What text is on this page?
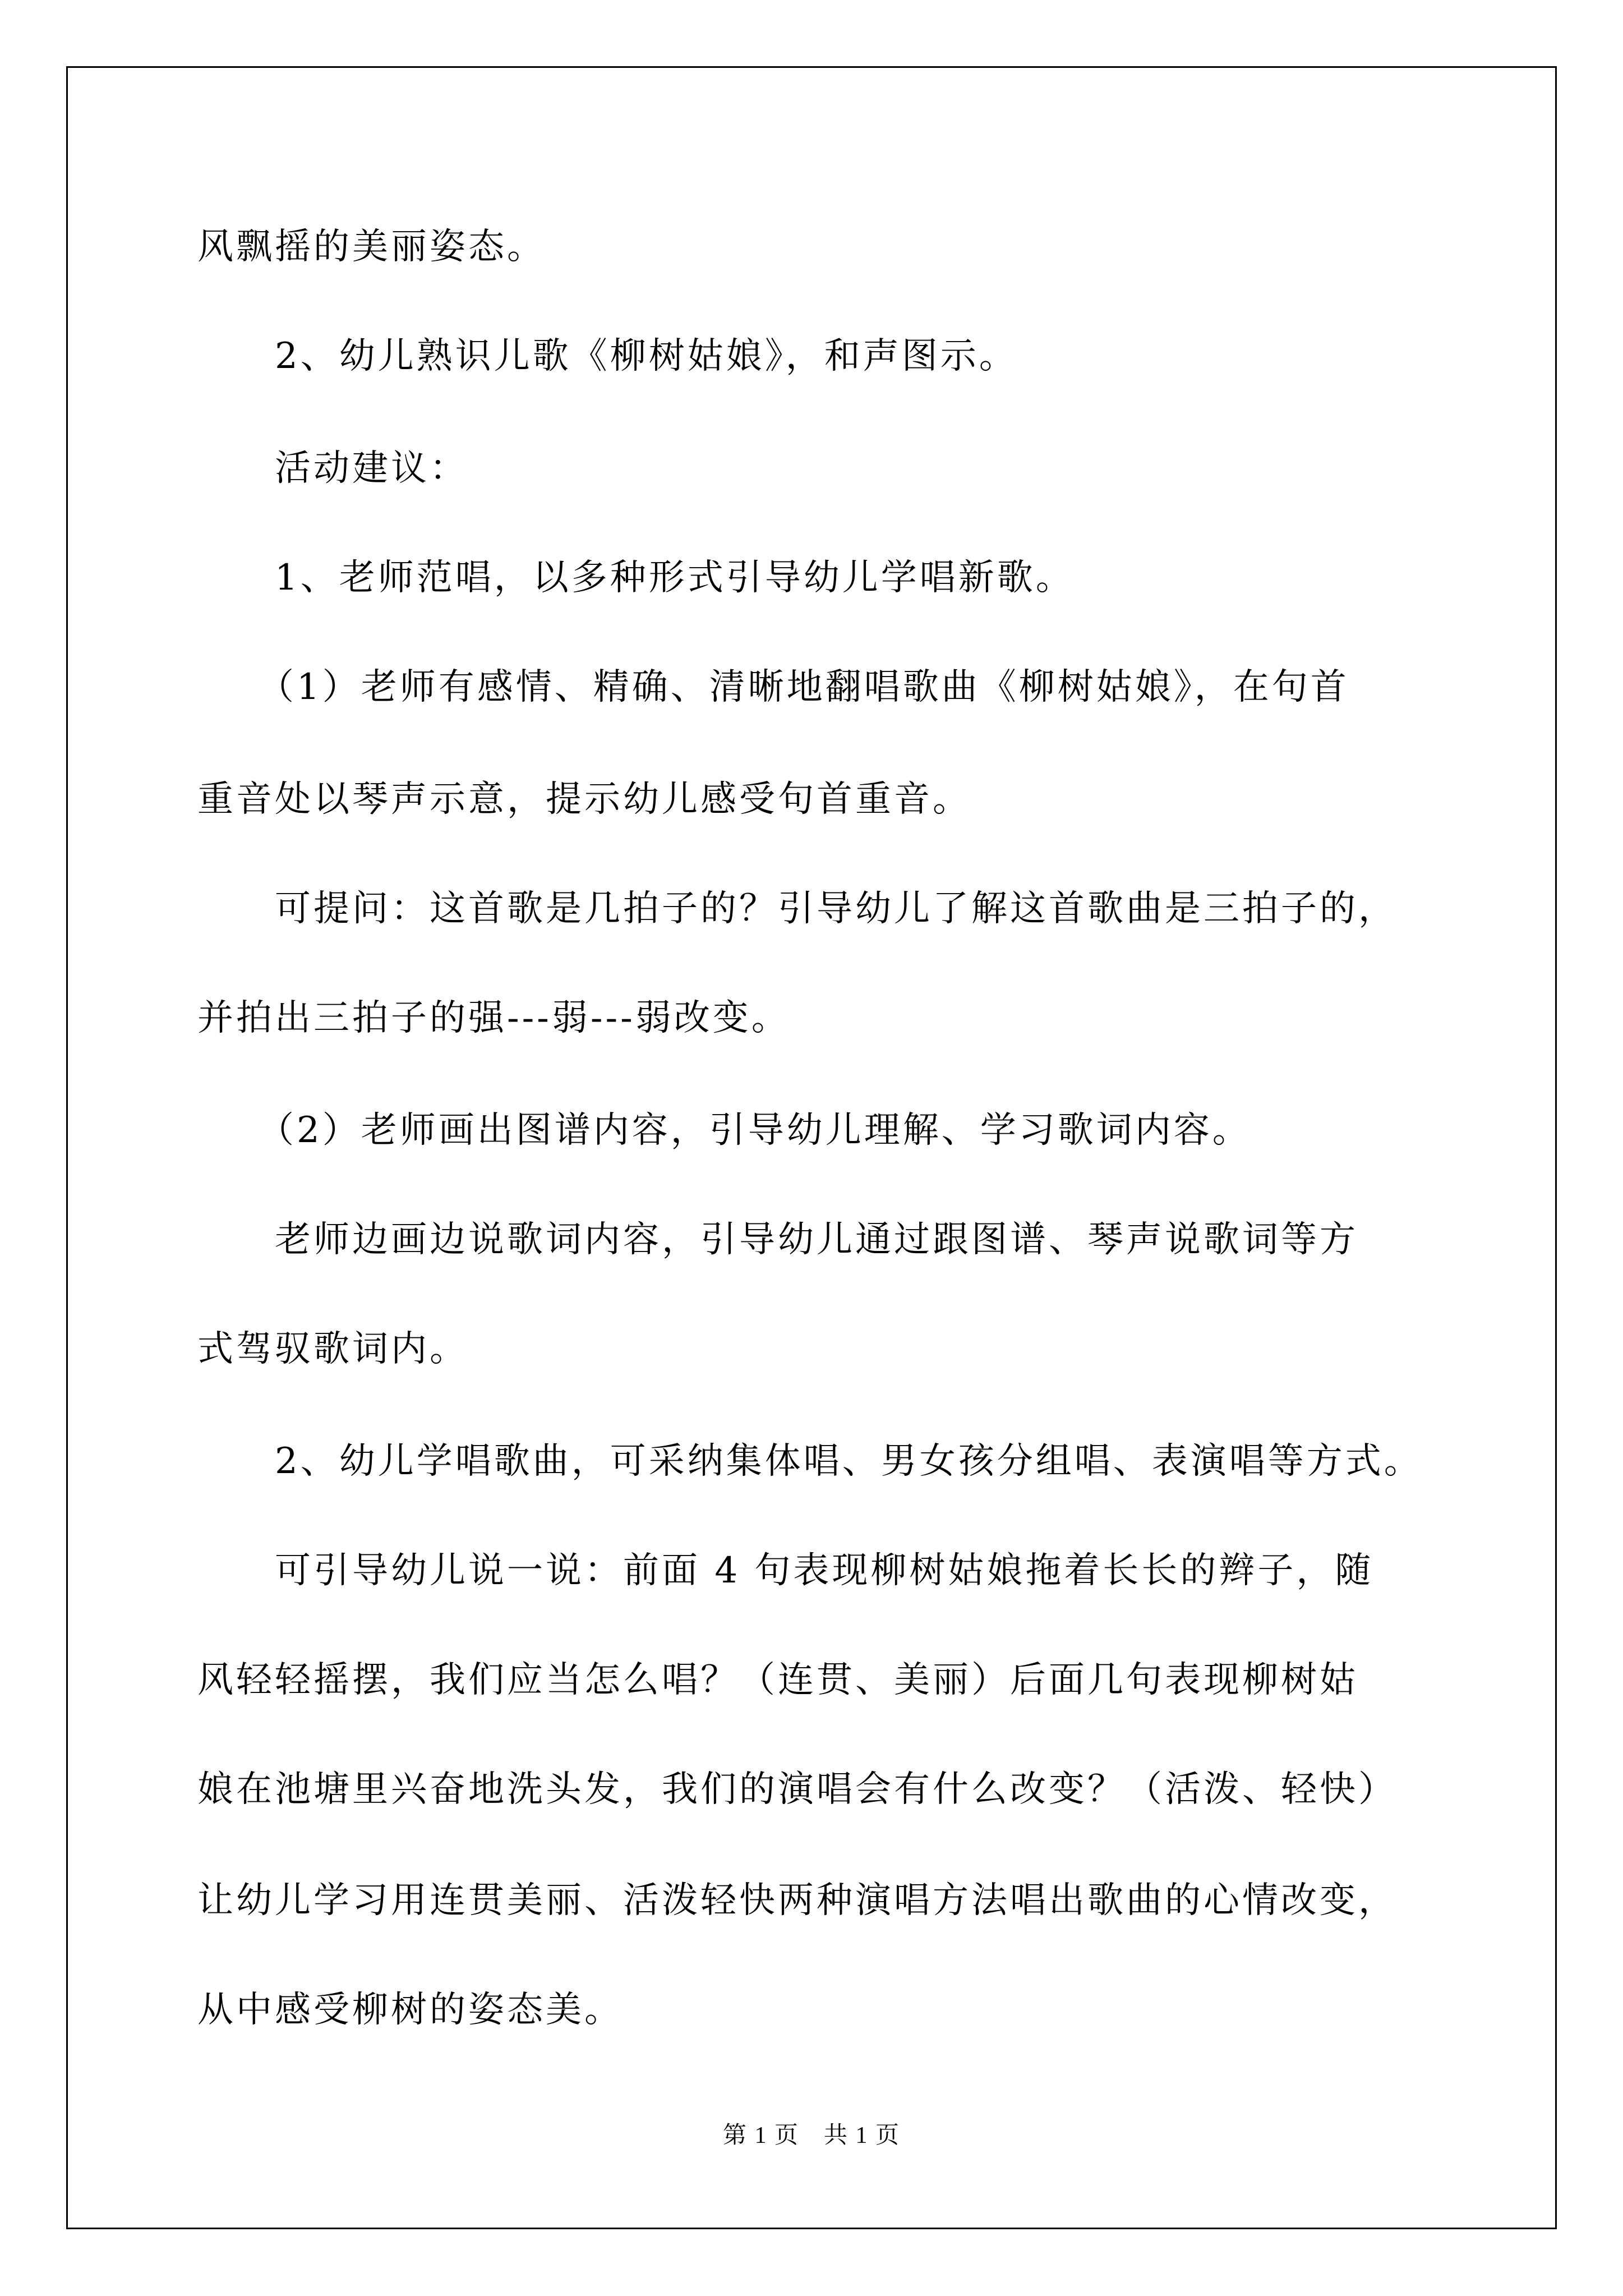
风飘摇的美丽姿态。
2、幼儿熟识儿歌《柳树姑娘》，和声图示。
活动建议：
1、老师范唱，以多种形式引导幼儿学唱新歌。
（1）老师有感情、精确、清晰地翻唱歌曲《柳树姑娘》，在句首
重音处以琴声示意，提示幼儿感受句首重音。
可提问：这首歌是几拍子的？引导幼儿了解这首歌曲是三拍子的，
并拍出三拍子的强---弱---弱改变。
（2）老师画出图谱内容，引导幼儿理解、学习歌词内容。
老师边画边说歌词内容，引导幼儿通过跟图谱、琴声说歌词等方
式驾驭歌词内。
2、幼儿学唱歌曲，可采纳集体唱、男女孩分组唱、表演唱等方式。
可引导幼儿说一说：前面 4 句表现柳树姑娘拖着长长的辫子，随
风轻轻摇摆，我们应当怎么唱？（连贯、美丽）后面几句表现柳树姑
娘在池塘里兴奋地洗头发，我们的演唱会有什么改变？（活泼、轻快）
让幼儿学习用连贯美丽、活泼轻快两种演唱方法唱出歌曲的心情改变，
从中感受柳树的姿态美。
第 1 页　共 1 页
